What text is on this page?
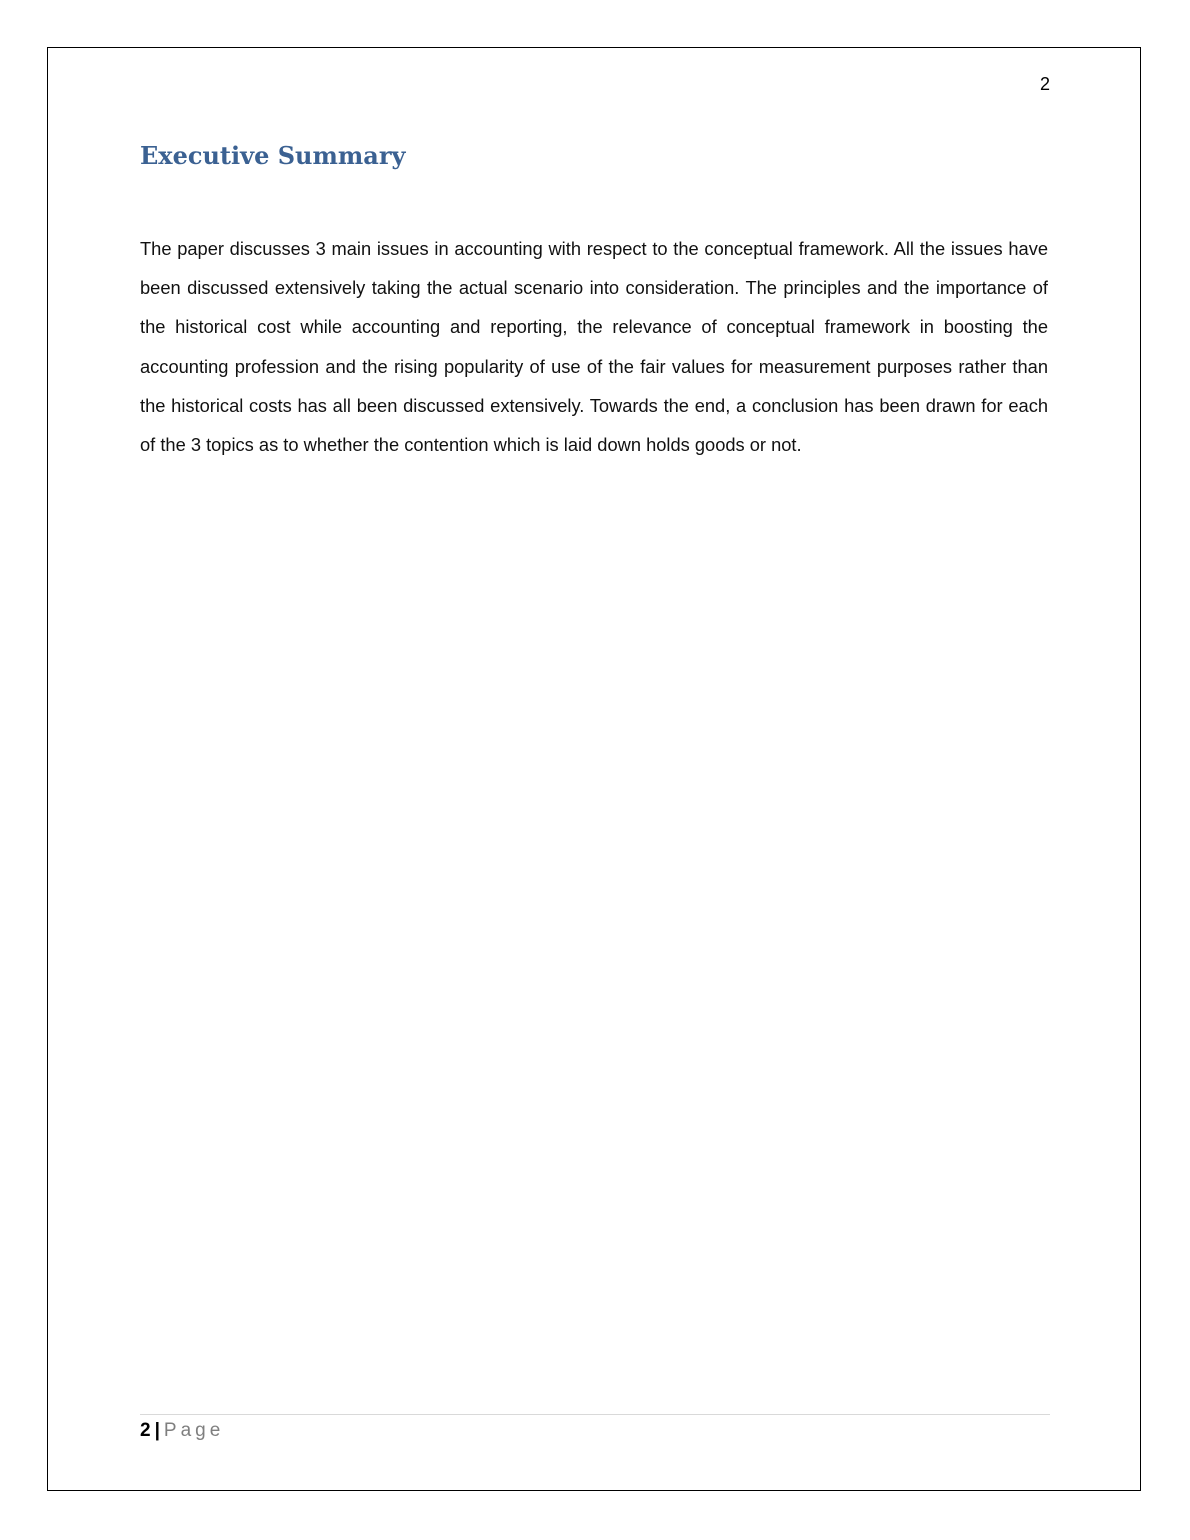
2
Executive Summary

The paper discusses 3 main issues in accounting with respect to the conceptual framework. All the issues have been discussed extensively taking the actual scenario into consideration. The principles and the importance of the historical cost while accounting and reporting, the relevance of conceptual framework in boosting the accounting profession and the rising popularity of use of the fair values for measurement purposes rather than the historical costs has all been discussed extensively. Towards the end, a conclusion has been drawn for each of the 3 topics as to whether the contention which is laid down holds goods or not.

2 | Page
